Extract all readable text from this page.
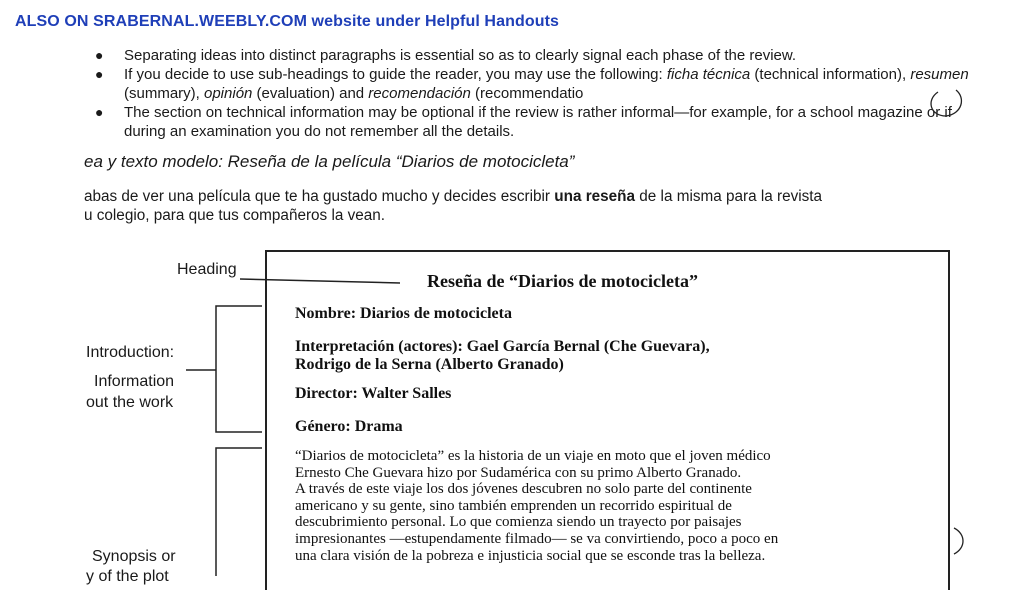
ALSO ON SRABERNAL.WEEBLY.COM website under Helpful Handouts
● Separating ideas into distinct paragraphs is essential so as to clearly signal each phase of the review.
● If you decide to use sub-headings to guide the reader, you may use the following: ficha técnica (technical information), resumen (summary), opinión (evaluation) and recomendación (recommendatio
● The section on technical information may be optional if the review is rather informal—for example, for a school magazine or if during an examination you do not remember all the details.
ea y texto modelo: Reseña de la película “Diarios de motocicleta”
abas de ver una película que te ha gustado mucho y decides escribir una reseña de la misma para la revista
u colegio, para que tus compañeros la vean.
Heading
Introduction:
Information
out the work
Synopsis or
y of the plot
Reseña de “Diarios de motocicleta”
Nombre: Diarios de motocicleta
Interpretación (actores): Gael García Bernal (Che Guevara),
Rodrigo de la Serna (Alberto Granado)
Director: Walter Salles
Género: Drama
“Diarios de motocicleta” es la historia de un viaje en moto que el joven médico
Ernesto Che Guevara hizo por Sudamérica con su primo Alberto Granado.
A través de este viaje los dos jóvenes descubren no solo parte del continente
americano y su gente, sino también emprenden un recorrido espiritual de
descubrimiento personal. Lo que comienza siendo un trayecto por paisajes
impresionantes —estupendamente filmado— se va convirtiendo, poco a poco en
una clara visión de la pobreza e injusticia social que se esconde tras la belleza.
